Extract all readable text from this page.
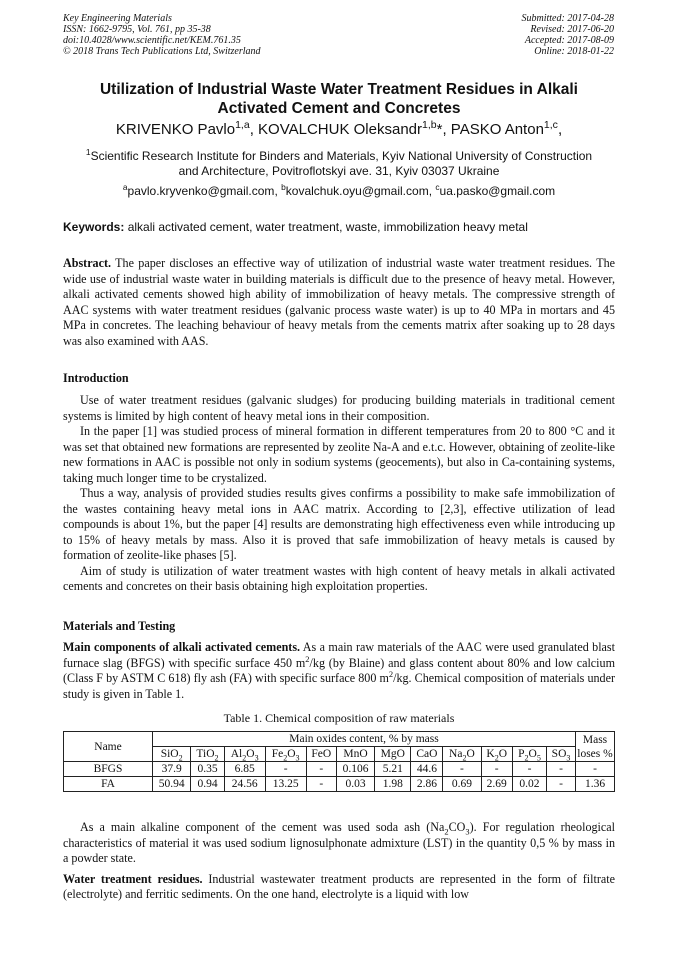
Key Engineering Materials
ISSN: 1662-9795, Vol. 761, pp 35-38
doi:10.4028/www.scientific.net/KEM.761.35
© 2018 Trans Tech Publications Ltd, Switzerland
Submitted: 2017-04-28
Revised: 2017-06-20
Accepted: 2017-08-09
Online: 2018-01-22
Utilization of Industrial Waste Water Treatment Residues in Alkali
Activated Cement and Concretes
KRIVENKO Pavlo$^{1,a}$, KOVALCHUK Oleksandr$^{1,b}$*, PASKO Anton$^{1,c}$,
$^1$Scientific Research Institute for Binders and Materials, Kyiv National University of Construction
and Architecture, Povitroflotskyi ave. 31, Kyiv 03037 Ukraine
$^a$pavlo.kryvenko@gmail.com, $^b$kovalchuk.oyu@gmail.com, $^c$ua.pasko@gmail.com
Keywords: alkali activated cement, water treatment, waste, immobilization heavy metal

Abstract. The paper discloses an effective way of utilization of industrial waste water treatment residues. The wide use of industrial waste water in building materials is difficult due to the presence of heavy metal. However, alkali activated cements showed high ability of immobilization of heavy metals. The compressive strength of AAC systems with water treatment residues (galvanic process waste water) is up to 40 MPa in mortars and 45 MPa in concretes. The leaching behaviour of heavy metals from the cements matrix after soaking up to 28 days was also examined with AAS.

Introduction

Use of water treatment residues (galvanic sludges) for producing building materials in traditional cement systems is limited by high content of heavy metal ions in their composition.

In the paper [1] was studied process of mineral formation in different temperatures from 20 to 800 °C and it was set that obtained new formations are represented by zeolite Na-A and e.t.c. However, obtaining of zeolite-like new formations in AAC is possible not only in sodium systems (geocements), but also in Ca-containing systems, taking much longer time to be crystalized.

Thus a way, analysis of provided studies results gives confirms a possibility to make safe immobilization of the wastes containing heavy metal ions in AAC matrix. According to [2,3], effective utilization of lead compounds is about 1%, but the paper [4] results are demonstrating high effectiveness even while introducing up to 15% of heavy metals by mass. Also it is proved that safe immobilization of heavy metals is caused by formation of zeolite-like phases [5].

Aim of study is utilization of water treatment wastes with high content of heavy metals in alkali activated cements and concretes on their basis obtaining high exploitation properties.

Materials and Testing

Main components of alkali activated cements. As a main raw materials of the AAC were used granulated blast furnace slag (BFGS) with specific surface 450 $m^2/kg$ (by Blaine) and glass content about 80% and low calcium (Class F by ASTM C 618) fly ash (FA) with specific surface 800 $m^2/kg$. Chemical composition of materials under study is given in Table 1.

Table 1. Chemical composition of raw materials
Name	Main oxides content, % by mass												Mass loses %
	SiO$_2$	TiO$_2$	$Al_2O_3$	$Fe_2O_3$	FeO	MnO	MgO	CaO	$Na_2O$	$K_2O$	$P_2O_5$	$SO_3$
BFGS	37.9	0.35	6.85	-	-	0.106	5.21	44.6	-	-	-	-	-
FA	50.94	0.94	24.56	13.25	-	0.03	1.98	2.86	0.69	2.69	0.02	-	1.36

As a main alkaline component of the cement was used soda ash $(Na_2CO_3)$. For regulation rheological characteristics of material it was used sodium lignosulphonate admixture (LST) in the quantity 0,5 % by mass in a powder state.

Water treatment residues. Industrial wastewater treatment products are represented in the form of filtrate (electrolyte) and ferritic sediments. On the one hand, electrolyte is a liquid with low
